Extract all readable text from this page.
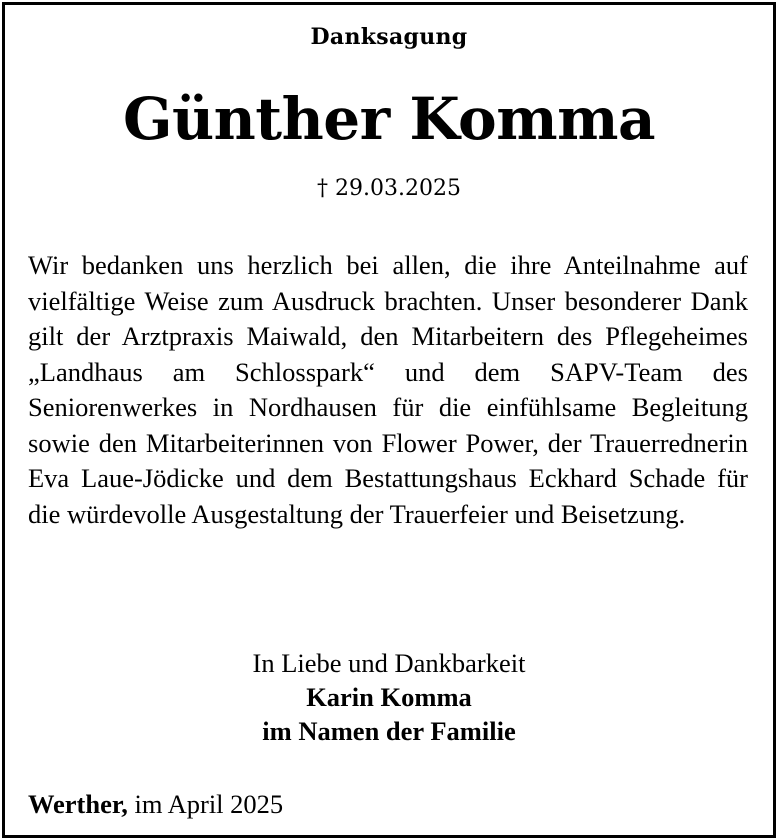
Danksagung
Günther Komma
† 29.03.2025

Wir bedanken uns herzlich bei allen, die ihre Anteilnahme auf vielfältige Weise zum Ausdruck brachten. Unser besonderer Dank gilt der Arztpraxis Maiwald, den Mitarbeitern des Pflegeheimes „Landhaus am Schlosspark“ und dem SAPV-Team des Seniorenwerkes in Nordhausen für die einfühlsame Begleitung sowie den Mitarbeiterinnen von Flower Power, der Trauerrednerin Eva Laue-Jödicke und dem Bestattungshaus Eckhard Schade für die würdevolle Ausgestaltung der Trauerfeier und Beisetzung.

In Liebe und Dankbarkeit
Karin Komma
im Namen der Familie
Werther, im April 2025
